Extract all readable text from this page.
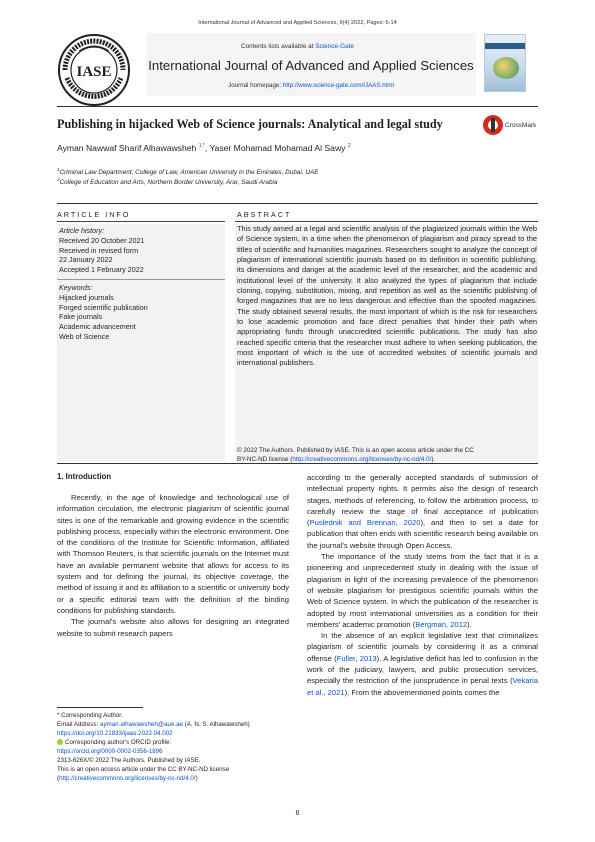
International Journal of Advanced and Applied Sciences, 9(4) 2022, Pages: 6-14
IASE
Contents lists available at Science-Gate
International Journal of Advanced and Applied Sciences
Journal homepage: http://www.science-gate.com/IJAAS.html
Publishing in hijacked Web of Science journals: Analytical and legal study	CrossMark
Ayman Nawwaf Sharif Alhawawsheh $^{1,*}$, Yaser Mohamad Mohamad Al Sawy $^2$
$^1$Criminal Law Department, College of Law, American University in the Emirates, Dubai, UAE
$^2$College of Education and Arts, Northern Border University, Arar, Saudi Arabia
ARTICLE INFO
Article history:
Received 20 October 2021
Received in revised form
22 January 2022
Accepted 1 February 2022
Keywords:
Hijacked journals
Forged scientific publication
Fake journals
Academic advancement
Web of Science
ABSTRACT
This study aimed at a legal and scientific analysis of the plagiarized journals within the Web of Science system, in a time when the phenomenon of plagiarism and piracy spread to the titles of scientific and humanities magazines. Researchers sought to analyze the concept of plagiarism of international scientific journals based on its definition in scientific publishing, its dimensions and danger at the academic level of the researcher, and the academic and institutional level of the university. It also analyzed the types of plagiarism that include cloning, copying, substitution, mixing, and repetition as well as the scientific publishing of forged magazines that are no less dangerous and effective than the spoofed magazines. The study obtained several results, the most important of which is the risk for researchers to lose academic promotion and face direct penalties that hinder their path when appropriating funds through unaccredited scientific publications. The study has also reached specific criteria that the researcher must adhere to when seeking publication, the most important of which is the use of accredited websites of scientific journals and international publishers.
© 2022 The Authors. Published by IASE. This is an open access article under the CC
BY-NC-ND license (http://creativecommons.org/licenses/by-nc-nd/4.0/).
1. Introduction

Recently, in the age of knowledge and technological use of information circulation, the electronic plagiarism of scientific journal sites is one of the remarkable and growing evidence in the scientific publishing process, especially within the electronic environment. One of the conditions of the Institute for Scientific Information, affiliated with Thomson Reuters, is that scientific journals on the Internet must have an available permanent website that allows for access to its system and for defining the journal, its objective coverage, the method of issuing it and its affiliation to a scientific or university body or a specific editorial team with the definition of the binding conditions for publishing standards.

The journal's website also allows for designing an integrated website to submit research papers

according to the generally accepted standards of submission of intellectual property rights. It permits also the design of research stages, methods of referencing, to follow the arbitration process, to carefully review the stage of final acceptance of publication (Puslednik and Brennan, 2020), and then to set a date for publication that often ends with scientific research being available on the journal's website through Open Access.

The importance of the study stems from the fact that it is a pioneering and unprecedented study in dealing with the issue of plagiarism in light of the increasing prevalence of the phenomenon of website plagiarism for prestigious scientific journals within the Web of Science system. In which the publication of the researcher is adopted by most international universities as a condition for their members' academic promotion (Bergman, 2012).

In the absence of an explicit legislative text that criminalizes plagiarism of scientific journals by considering it as a criminal offense (Fuller, 2013). A legislative deficit has led to confusion in the work of the judiciary, lawyers, and public prosecution services, especially the restriction of the jurisprudence in penal texts (Vekaria et al., 2021). From the abovementioned points comes the

* Corresponding Author.
Email Address: ayman.alhawawsheh@aue.ae (A. N. S. Alhawawsheh)
https://doi.org/10.21833/ijaas.2022.04.002
Corresponding author's ORCID profile:
https://orcid.org/0000-0002-0356-1896
2313-626X/© 2022 The Authors. Published by IASE.
This is an open access article under the CC BY-NC-ND license
(http://creativecommons.org/licenses/by-nc-nd/4.0/)
6
